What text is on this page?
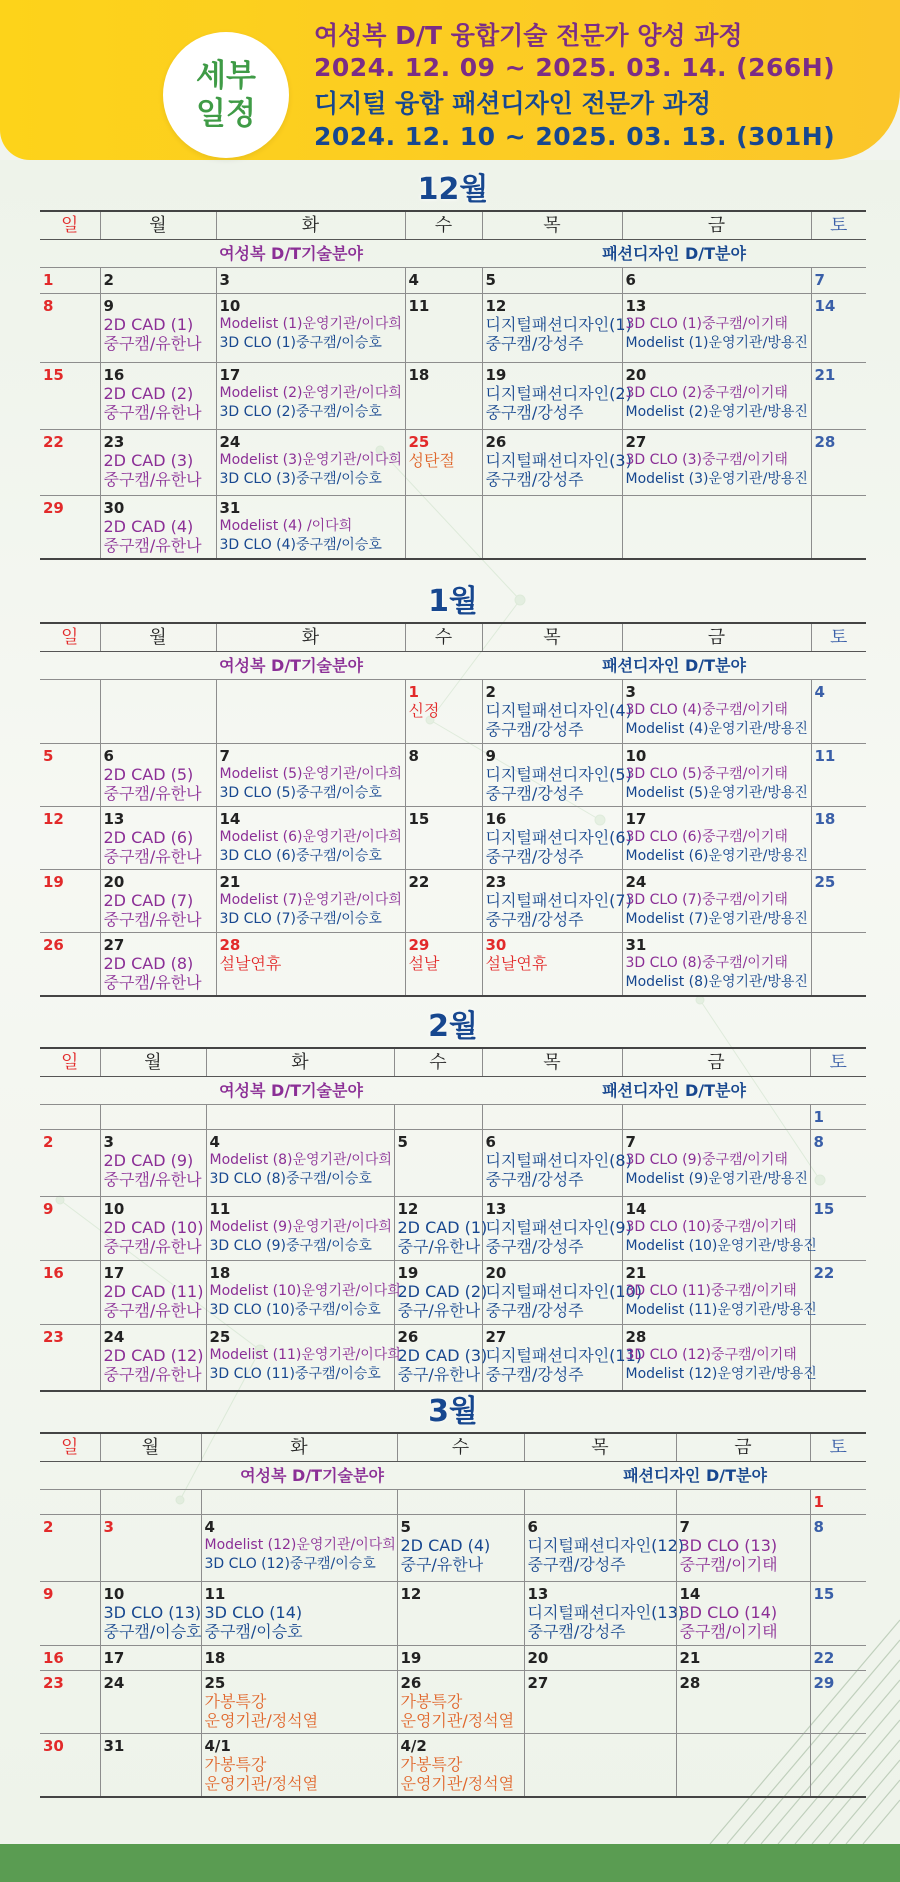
세부
일정
여성복 D/T 융합기술 전문가 양성 과정
2024. 12. 09 ~ 2025. 03. 14. (266H)
디지털 융합 패션디자인 전문가 과정
2024. 12. 10 ~ 2025. 03. 13. (301H)
12월
일	월	화	수	목	금	토
	여성복 D/T기술분야			패션디자인 D/T분야		

1	2	3	4	5	6	7

8	9
2D CAD (1)
중구캠/유한나	10
Modelist (1)운영기관/이다희
3D CLO (1)중구캠/이승호	11	12
디지털패션디자인(1)
중구캠/강성주	13
3D CLO (1)중구캠/이기태
Modelist (1)운영기관/방용진	14

15	16
2D CAD (2)
중구캠/유한나	17
Modelist (2)운영기관/이다희
3D CLO (2)중구캠/이승호	18	19
디지털패션디자인(2)
중구캠/강성주	20
3D CLO (2)중구캠/이기태
Modelist (2)운영기관/방용진	21

22	23
2D CAD (3)
중구캠/유한나	24
Modelist (3)운영기관/이다희
3D CLO (3)중구캠/이승호	25
성탄절	26
디지털패션디자인(3)
중구캠/강성주	27
3D CLO (3)중구캠/이기태
Modelist (3)운영기관/방용진	28

29	30
2D CAD (4)
중구캠/유한나	31
Modelist (4) /이다희
3D CLO (4)중구캠/이승호				

1월
일	월	화	수	목	금	토
	여성복 D/T기술분야			패션디자인 D/T분야		

			1
신정	2
디지털패션디자인(4)
중구캠/강성주	3
3D CLO (4)중구캠/이기태
Modelist (4)운영기관/방용진	4

5	6
2D CAD (5)
중구캠/유한나	7
Modelist (5)운영기관/이다희
3D CLO (5)중구캠/이승호	8	9
디지털패션디자인(5)
중구캠/강성주	10
3D CLO (5)중구캠/이기태
Modelist (5)운영기관/방용진	11

12	13
2D CAD (6)
중구캠/유한나	14
Modelist (6)운영기관/이다희
3D CLO (6)중구캠/이승호	15	16
디지털패션디자인(6)
중구캠/강성주	17
3D CLO (6)중구캠/이기태
Modelist (6)운영기관/방용진	18

19	20
2D CAD (7)
중구캠/유한나	21
Modelist (7)운영기관/이다희
3D CLO (7)중구캠/이승호	22	23
디지털패션디자인(7)
중구캠/강성주	24
3D CLO (7)중구캠/이기태
Modelist (7)운영기관/방용진	25

26	27
2D CAD (8)
중구캠/유한나	28
설날연휴	29
설날	30
설날연휴	31
3D CLO (8)중구캠/이기태
Modelist (8)운영기관/방용진	

2월
일	월	화	수	목	금	토
	여성복 D/T기술분야			패션디자인 D/T분야		

						1

2	3
2D CAD (9)
중구캠/유한나	4
Modelist (8)운영기관/이다희
3D CLO (8)중구캠/이승호	5	6
디지털패션디자인(8)
중구캠/강성주	7
3D CLO (9)중구캠/이기태
Modelist (9)운영기관/방용진	8

9	10
2D CAD (10)
중구캠/유한나	11
Modelist (9)운영기관/이다희
3D CLO (9)중구캠/이승호	12
2D CAD (1)
중구/유한나	13
디지털패션디자인(9)
중구캠/강성주	14
3D CLO (10)중구캠/이기태
Modelist (10)운영기관/방용진	15

16	17
2D CAD (11)
중구캠/유한나	18
Modelist (10)운영기관/이다희
3D CLO (10)중구캠/이승호	19
2D CAD (2)
중구/유한나	20
디지털패션디자인(10)
중구캠/강성주	21
3D CLO (11)중구캠/이기태
Modelist (11)운영기관/방용진	22

23	24
2D CAD (12)
중구캠/유한나	25
Modelist (11)운영기관/이다희
3D CLO (11)중구캠/이승호	26
2D CAD (3)
중구/유한나	27
디지털패션디자인(11)
중구캠/강성주	28
3D CLO (12)중구캠/이기태
Modelist (12)운영기관/방용진	

3월
일	월	화	수	목	금	토
	여성복 D/T기술분야			패션디자인 D/T분야		

						1

2	3	4
Modelist (12)운영기관/이다희
3D CLO (12)중구캠/이승호	5
2D CAD (4)
중구/유한나	6
디지털패션디자인(12)
중구캠/강성주	7
3D CLO (13)
중구캠/이기태	8

9	10
3D CLO (13)
중구캠/이승호	11
3D CLO (14)
중구캠/이승호	12	13
디지털패션디자인(13)
중구캠/강성주	14
3D CLO (14)
중구캠/이기태	15

16	17	18	19	20	21	22

23	24	25
가봉특강
운영기관/정석열	26
가봉특강
운영기관/정석열	27	28	29

30	31	4/1
가봉특강
운영기관/정석열	4/2
가봉특강
운영기관/정석열			
